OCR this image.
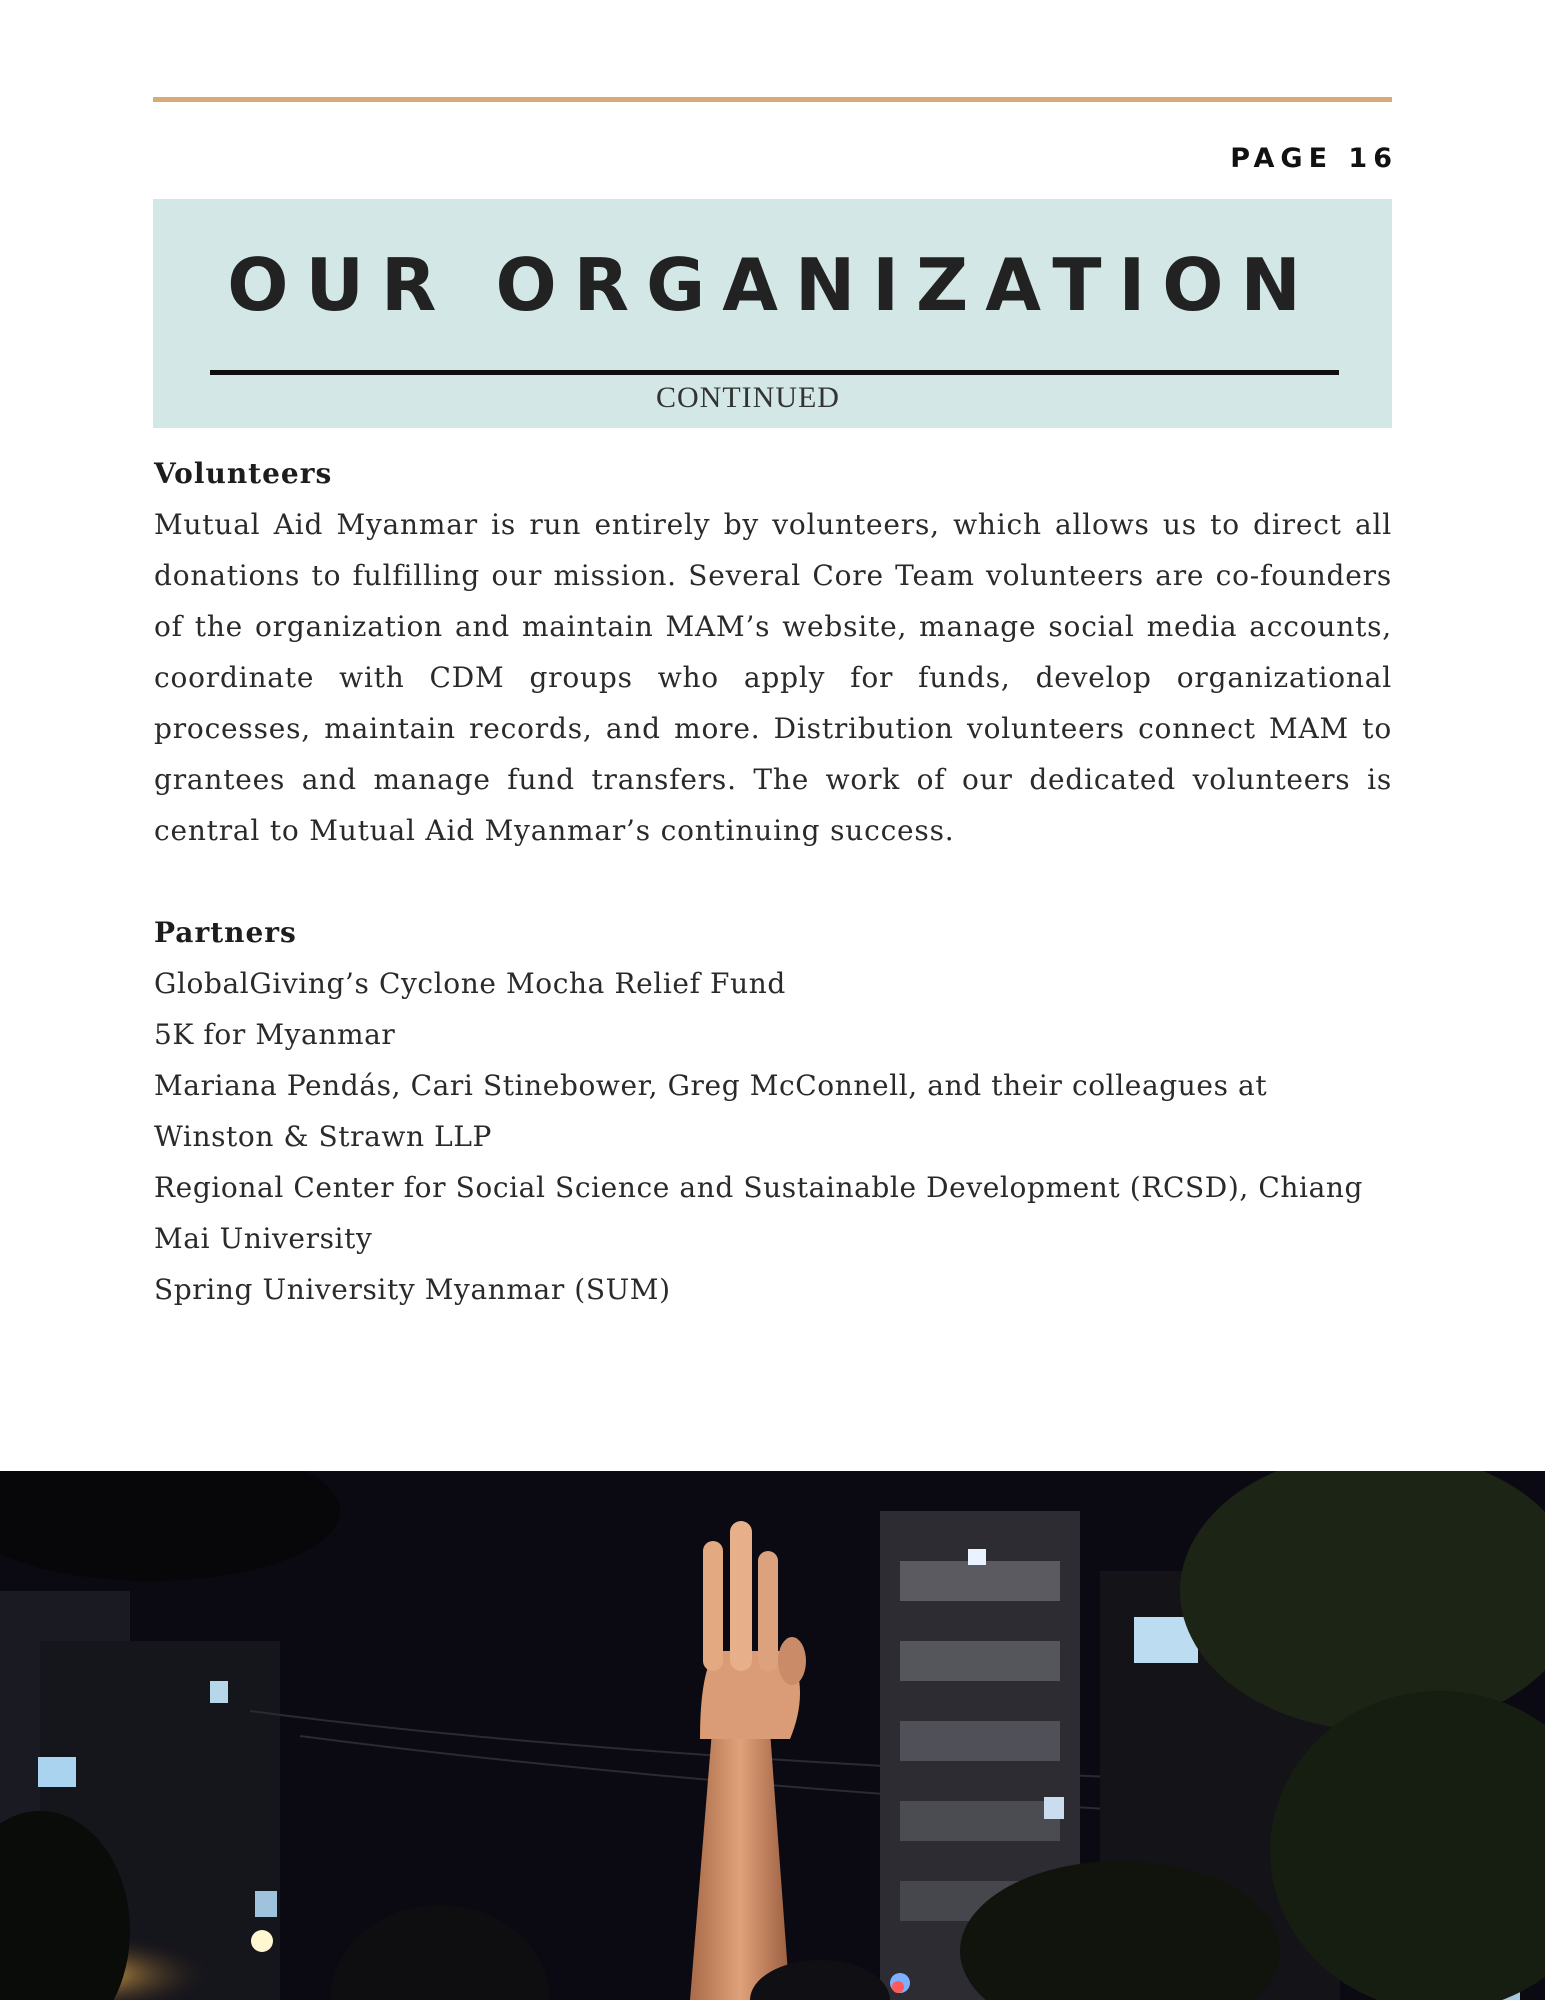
PAGE 16
OUR ORGANIZATION
CONTINUED
Volunteers

Mutual Aid Myanmar is run entirely by volunteers, which allows us to direct all donations to fulfilling our mission. Several Core Team volunteers are co-founders of the organization and maintain MAM’s website, manage social media accounts, coordinate with CDM groups who apply for funds, develop organizational processes, maintain records, and more. Distribution volunteers connect MAM to grantees and manage fund transfers. The work of our dedicated volunteers is central to Mutual Aid Myanmar’s continuing success.

Partners
GlobalGiving’s Cyclone Mocha Relief Fund
5K for Myanmar
Mariana Pendás, Cari Stinebower, Greg McConnell, and their colleagues at Winston & Strawn LLP
Regional Center for Social Science and Sustainable Development (RCSD), Chiang Mai University
Spring University Myanmar (SUM)
